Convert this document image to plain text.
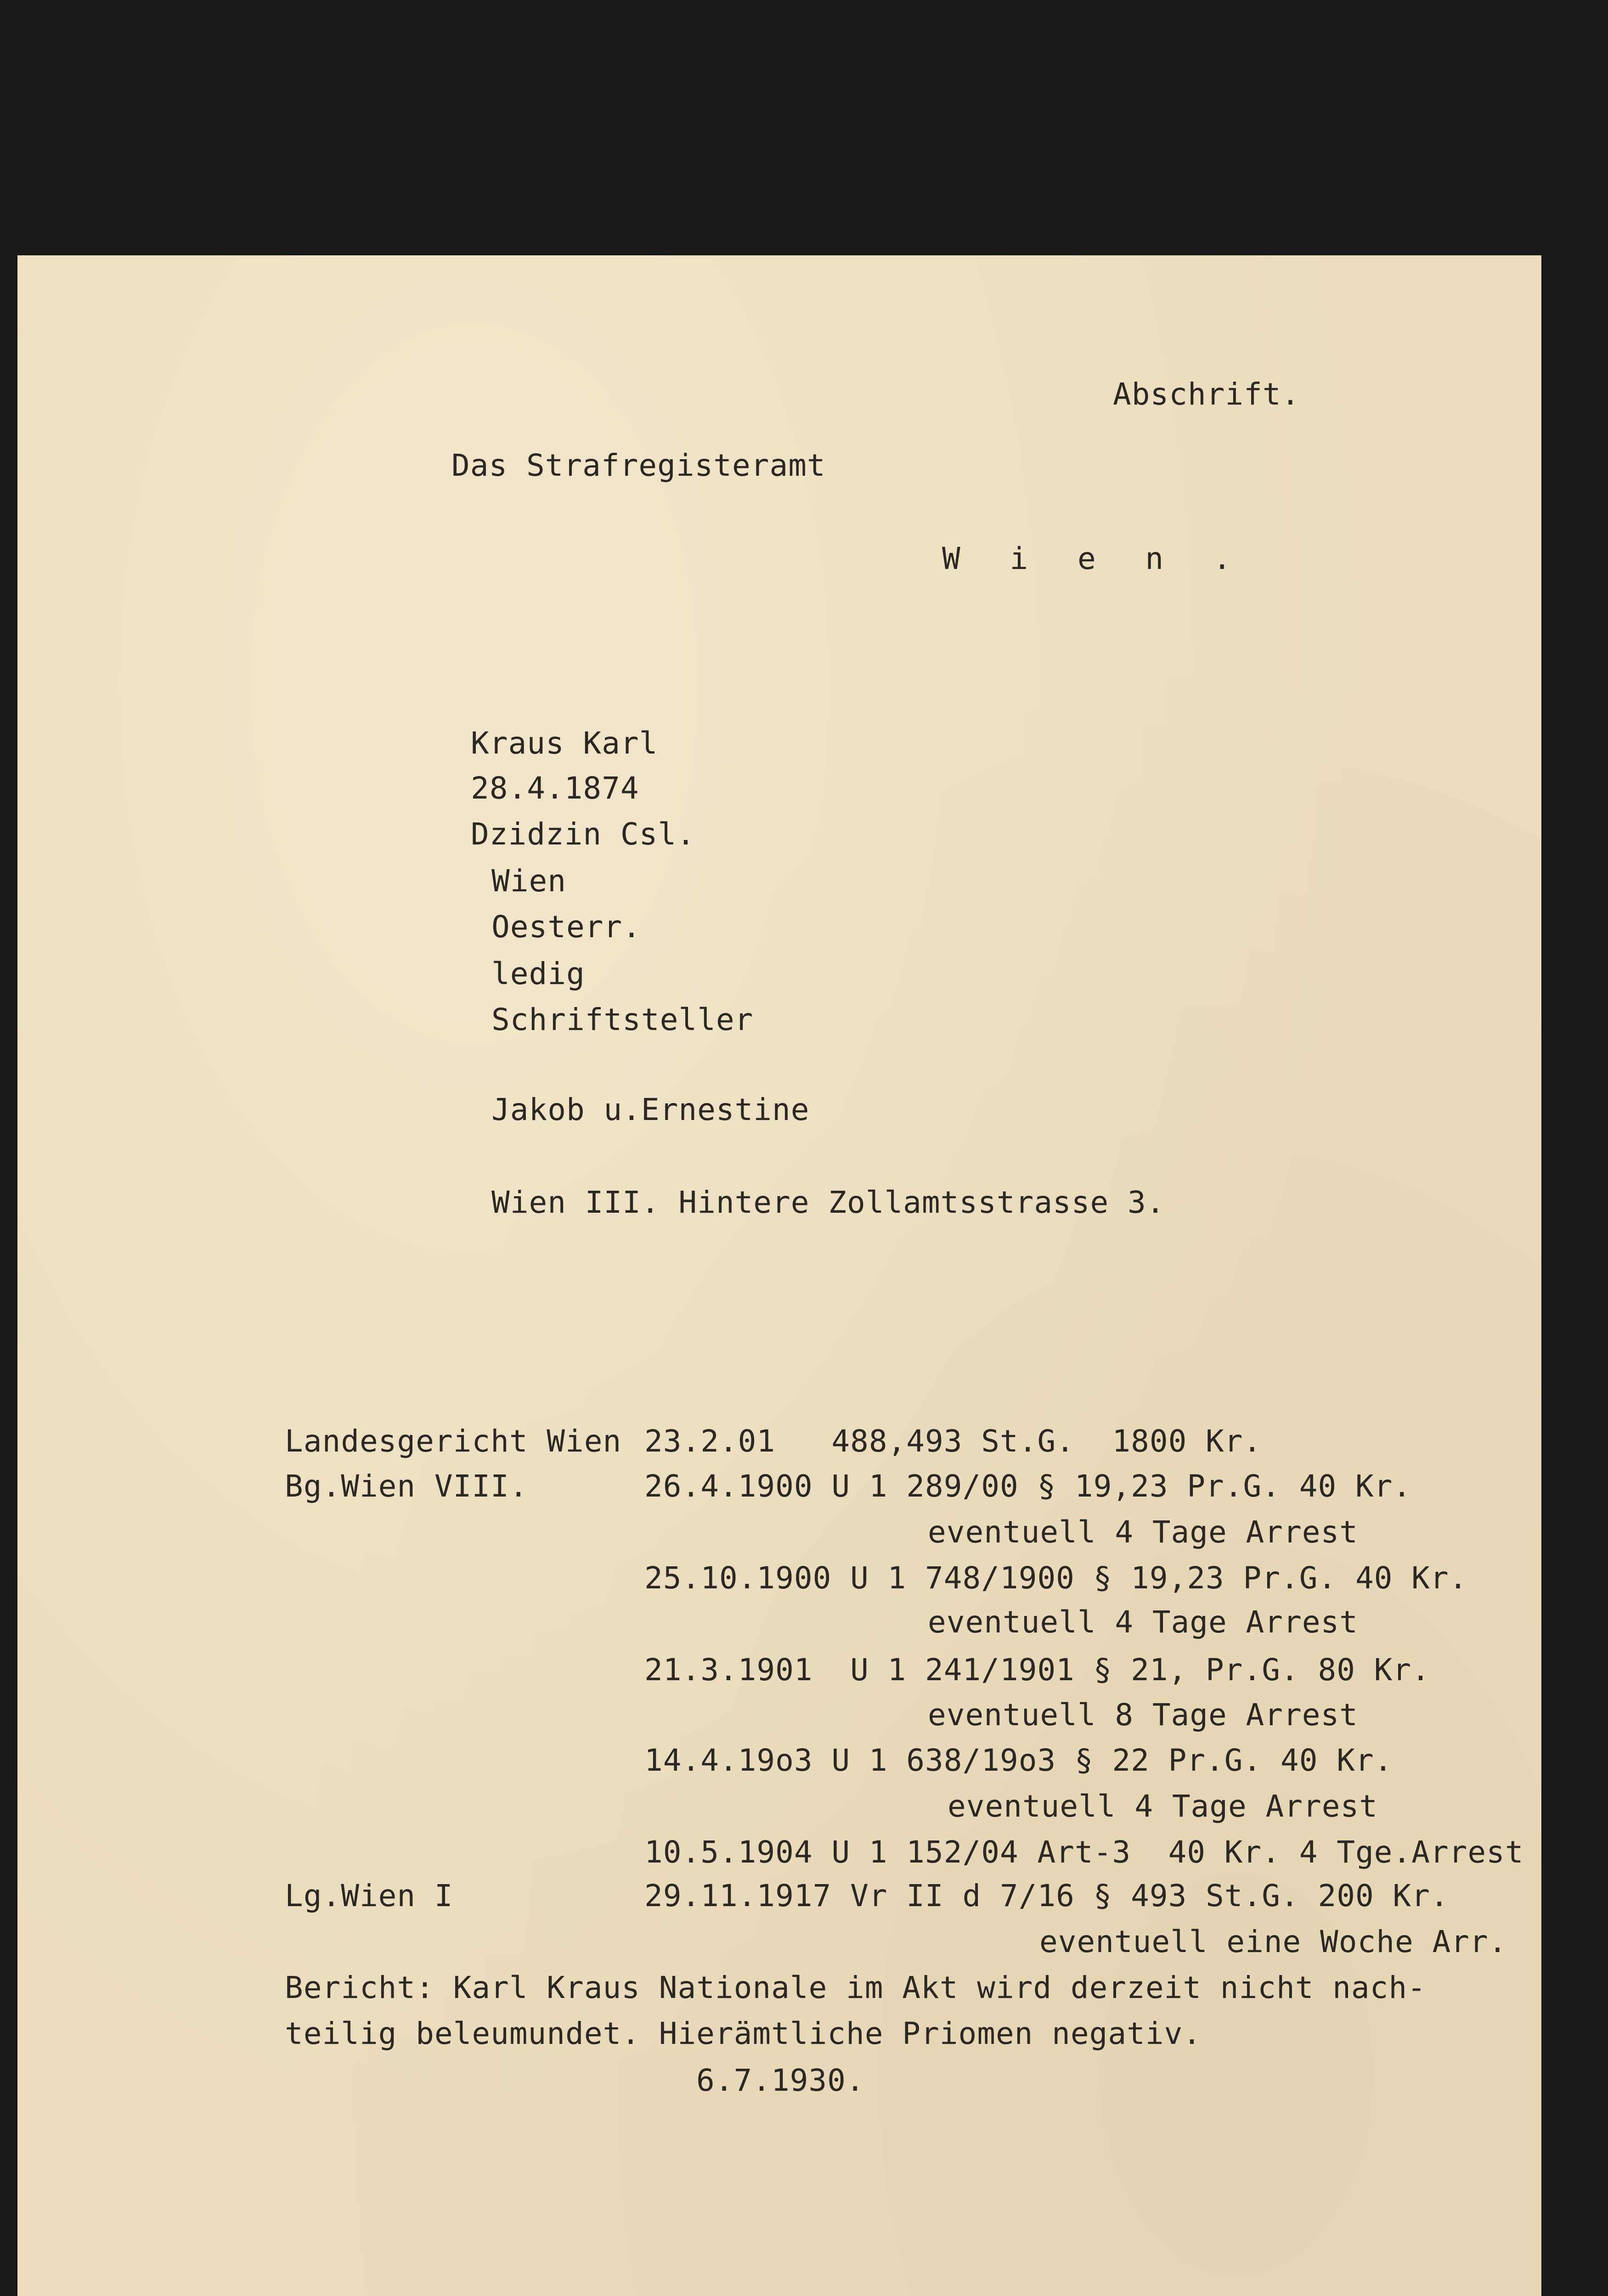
Abschrift.
Das Strafregisteramt
W i e n .
Kraus Karl
28.4.1874
Dzidzin Csl.
Wien
Oesterr.
ledig
Schriftsteller
Jakob u.Ernestine
Wien III. Hintere Zollamtsstrasse 3.
Landesgericht Wien 23.2.01   488,493 St.G.  1800 Kr.
Bg.Wien VIII.	26.4.1900 U 1 289/00 § 19,23 Pr.G. 40 Kr.
eventuell 4 Tage Arrest
25.10.1900 U 1 748/1900 § 19,23 Pr.G. 40 Kr.
eventuell 4 Tage Arrest
21.3.1901  U 1 241/1901 § 21, Pr.G. 80 Kr.
eventuell 8 Tage Arrest
14.4.19o3 U 1 638/19o3 § 22 Pr.G. 40 Kr.
eventuell 4 Tage Arrest
10.5.1904 U 1 152/04 Art-3  40 Kr. 4 Tge.Arrest
Lg.Wien I	29.11.1917 Vr II d 7/16 § 493 St.G. 200 Kr.
eventuell eine Woche Arr.
Bericht: Karl Kraus Nationale im Akt wird derzeit nicht nach-
teilig beleumundet. Hierämtliche Priomen negativ.
6.7.1930.
